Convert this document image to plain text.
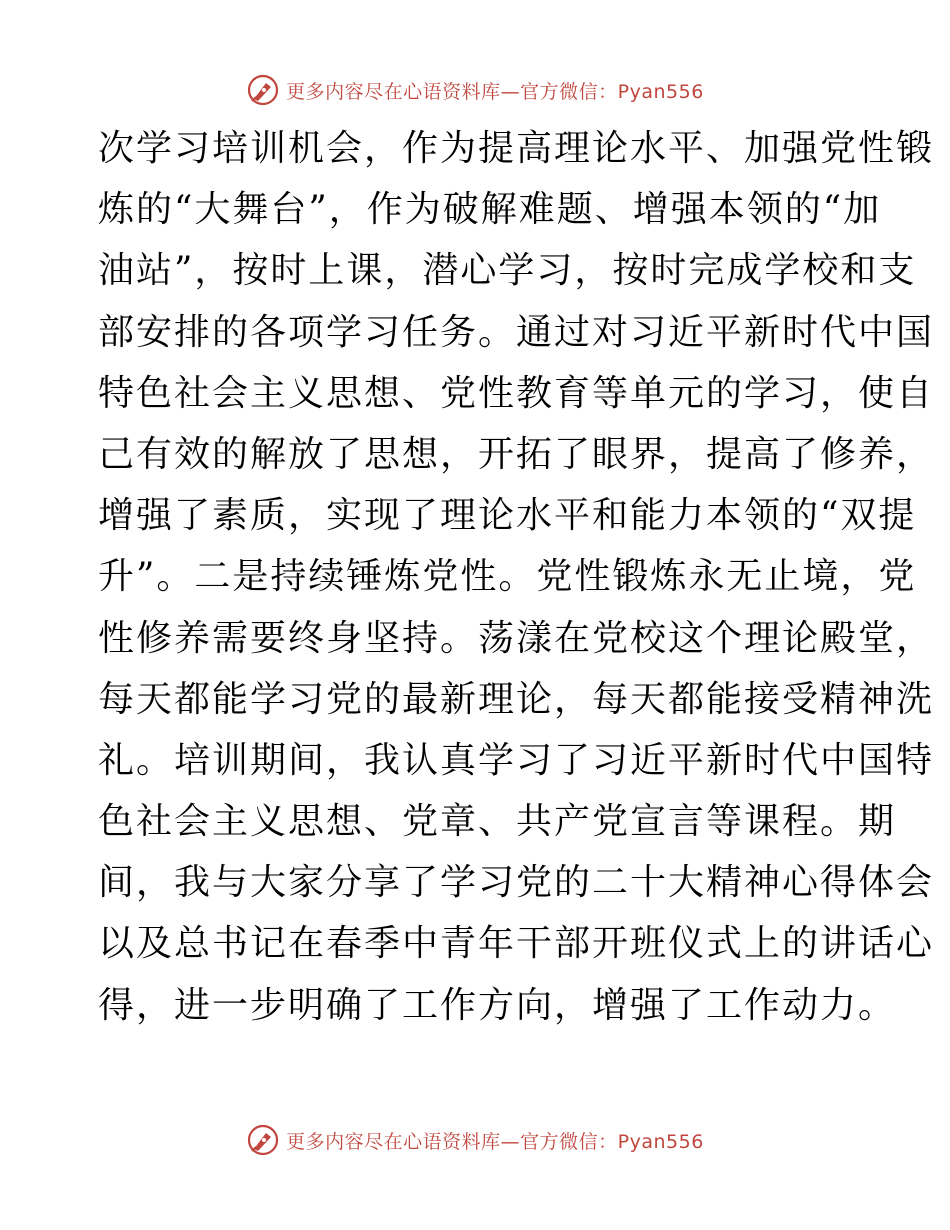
更多内容尽在心语资料库—官方微信：Pyan556
次学习培训机会，作为提高理论水平、加强党性锻
炼的“大舞台”，作为破解难题、增强本领的“加
油站”，按时上课，潜心学习，按时完成学校和支
部安排的各项学习任务。通过对习近平新时代中国
特色社会主义思想、党性教育等单元的学习，使自
己有效的解放了思想，开拓了眼界，提高了修养，
增强了素质，实现了理论水平和能力本领的“双提
升”。二是持续锤炼党性。党性锻炼永无止境，党
性修养需要终身坚持。荡漾在党校这个理论殿堂，
每天都能学习党的最新理论，每天都能接受精神洗
礼。培训期间，我认真学习了习近平新时代中国特
色社会主义思想、党章、共产党宣言等课程。期
间，我与大家分享了学习党的二十大精神心得体会
以及总书记在春季中青年干部开班仪式上的讲话心
得，进一步明确了工作方向，增强了工作动力。
更多内容尽在心语资料库—官方微信：Pyan556
